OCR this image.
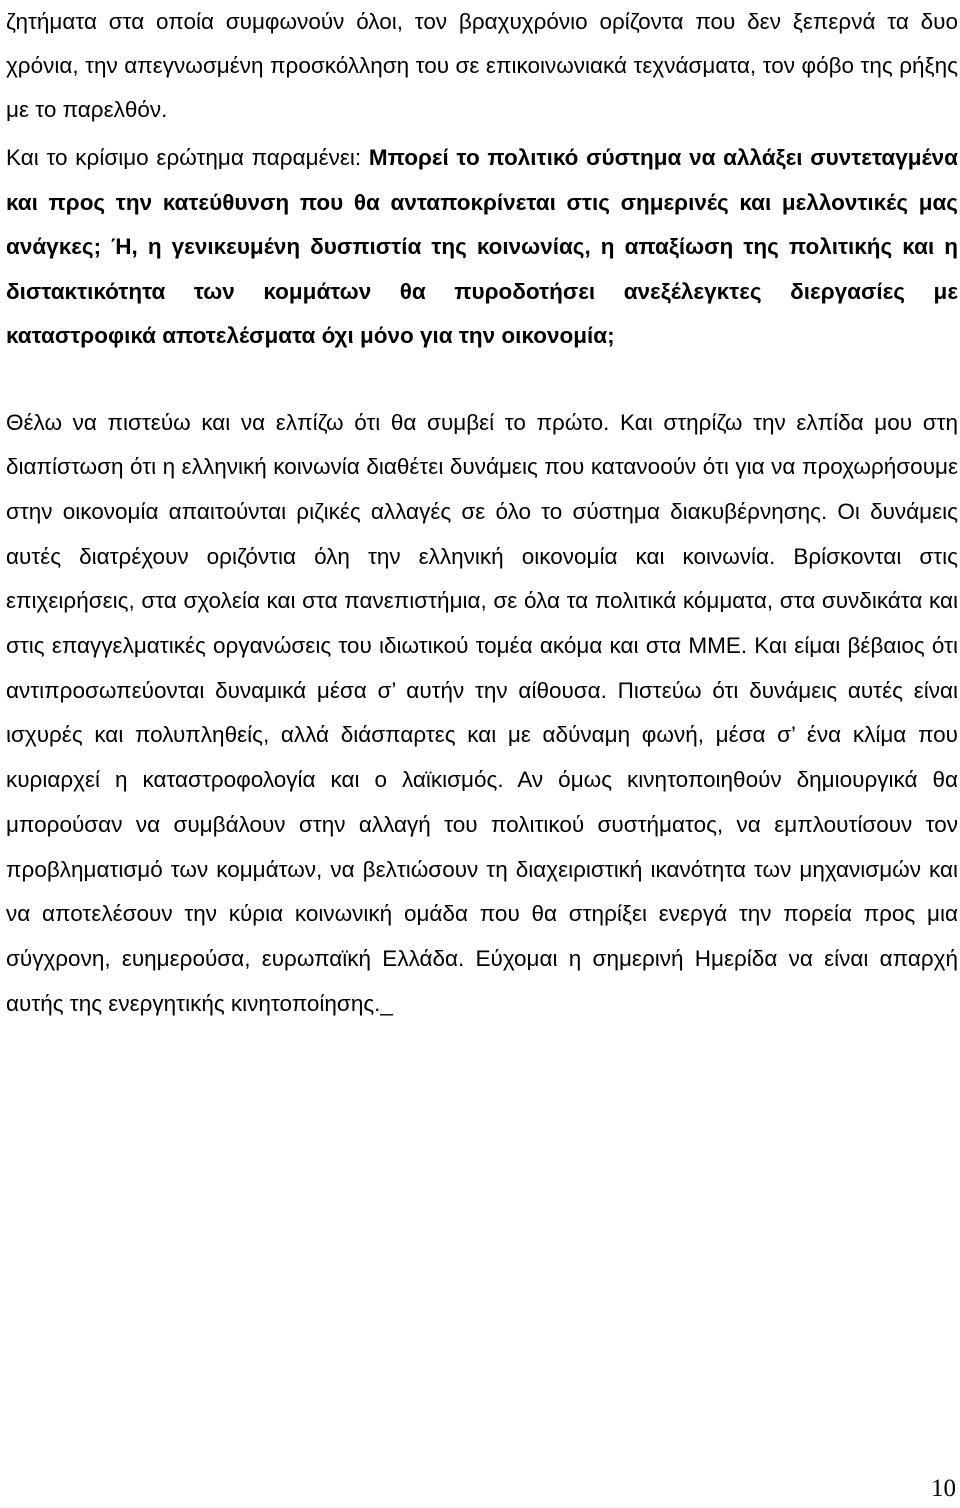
ζητήματα στα οποία συμφωνούν όλοι, τον βραχυχρόνιο ορίζοντα που δεν ξεπερνά τα δυο χρόνια, την απεγνωσμένη προσκόλληση του σε επικοινωνιακά τεχνάσματα, τον φόβο της ρήξης με το παρελθόν.

Και το κρίσιμο ερώτημα παραμένει: Μπορεί το πολιτικό σύστημα να αλλάξει συντεταγμένα και προς την κατεύθυνση που θα ανταποκρίνεται στις σημερινές και μελλοντικές μας ανάγκες; Ή, η γενικευμένη δυσπιστία της κοινωνίας, η απαξίωση της πολιτικής και η διστακτικότητα των κομμάτων θα πυροδοτήσει ανεξέλεγκτες διεργασίες με καταστροφικά αποτελέσματα όχι μόνο για την οικονομία;

Θέλω να πιστεύω και να ελπίζω ότι θα συμβεί το πρώτο. Και στηρίζω την ελπίδα μου στη διαπίστωση ότι η ελληνική κοινωνία διαθέτει δυνάμεις που κατανοούν ότι για να προχωρήσουμε στην οικονομία απαιτούνται ριζικές αλλαγές σε όλο το σύστημα διακυβέρνησης. Οι δυνάμεις αυτές διατρέχουν οριζόντια όλη την ελληνική οικονομία και κοινωνία. Βρίσκονται στις επιχειρήσεις, στα σχολεία και στα πανεπιστήμια, σε όλα τα πολιτικά κόμματα, στα συνδικάτα και στις επαγγελματικές οργανώσεις του ιδιωτικού τομέα ακόμα και στα ΜΜΕ. Και είμαι βέβαιος ότι αντιπροσωπεύονται δυναμικά μέσα σ’ αυτήν την αίθουσα. Πιστεύω ότι δυνάμεις αυτές είναι ισχυρές και πολυπληθείς, αλλά διάσπαρτες και με αδύναμη φωνή, μέσα σ’ ένα κλίμα που κυριαρχεί η καταστροφολογία και ο λαϊκισμός. Αν όμως κινητοποιηθούν δημιουργικά θα μπορούσαν να συμβάλουν στην αλλαγή του πολιτικού συστήματος, να εμπλουτίσουν τον προβληματισμό των κομμάτων, να βελτιώσουν τη διαχειριστική ικανότητα των μηχανισμών και να αποτελέσουν την κύρια κοινωνική ομάδα που θα στηρίξει ενεργά την πορεία προς μια σύγχρονη, ευημερούσα, ευρωπαϊκή Ελλάδα. Εύχομαι η σημερινή Ημερίδα να είναι απαρχή αυτής της ενεργητικής κινητοποίησης._

10
